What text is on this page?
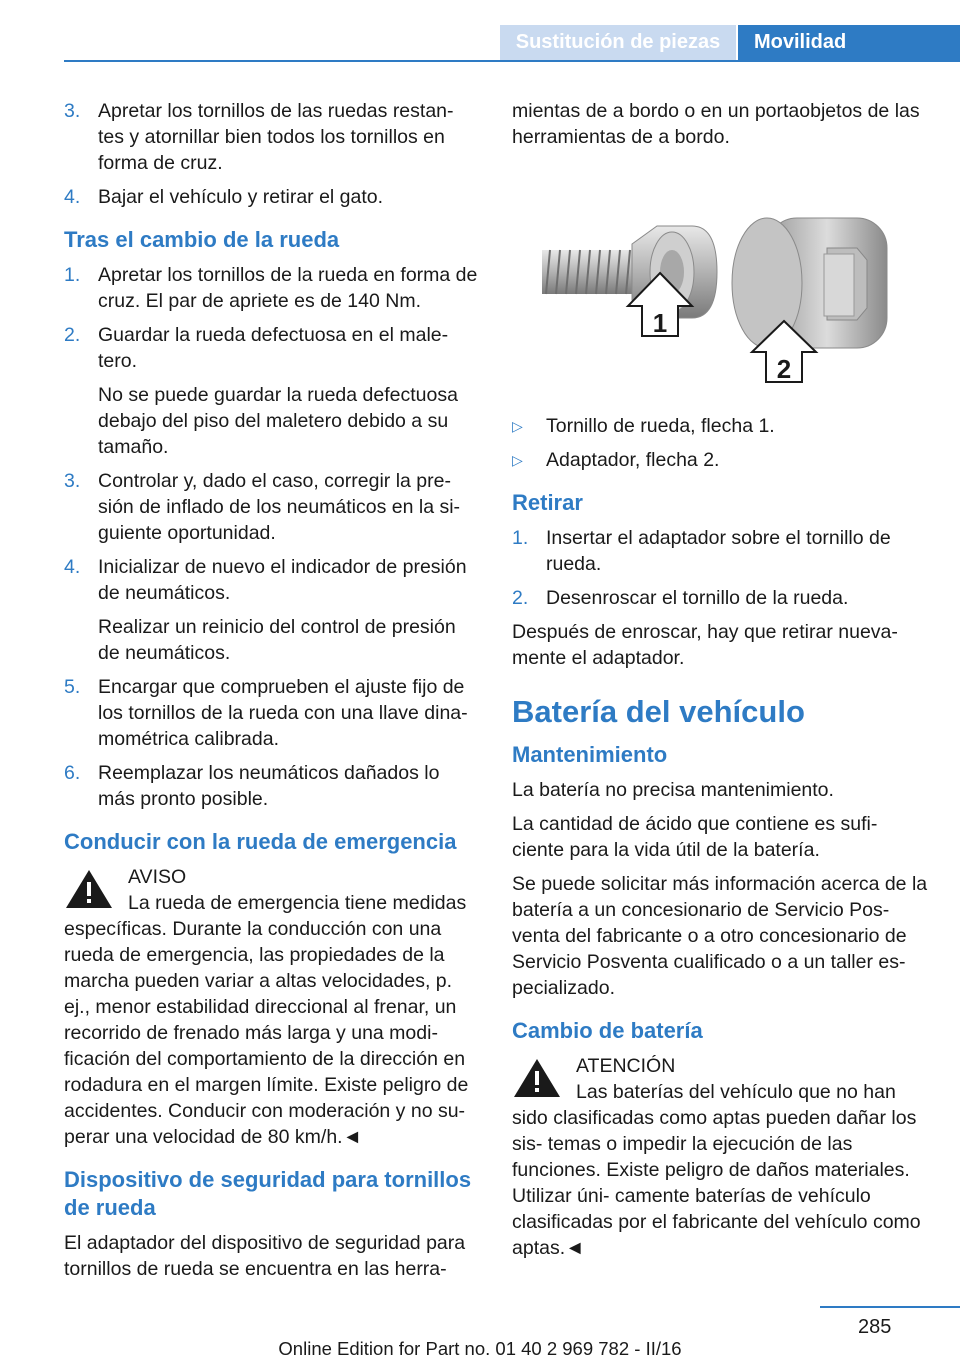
Sustitución de piezas	Movilidad
3. Apretar los tornillos de las ruedas restan‐ tes y atornillar bien todos los tornillos en forma de cruz.
4. Bajar el vehículo y retirar el gato.
Tras el cambio de la rueda
1. Apretar los tornillos de la rueda en forma de cruz. El par de apriete es de 140 Nm.
2. Guardar la rueda defectuosa en el male‐ tero.
No se puede guardar la rueda defectuosa debajo del piso del maletero debido a su tamaño.
3. Controlar y, dado el caso, corregir la pre‐ sión de inflado de los neumáticos en la si‐ guiente oportunidad.
4. Inicializar de nuevo el indicador de presión de neumáticos.
Realizar un reinicio del control de presión de neumáticos.
5. Encargar que comprueben el ajuste fijo de los tornillos de la rueda con una llave dina‐ mométrica calibrada.
6. Reemplazar los neumáticos dañados lo más pronto posible.
Conducir con la rueda de emergencia
AVISO
La rueda de emergencia tiene medidas específicas. Durante la conducción con una rueda de emergencia, las propiedades de la marcha pueden variar a altas velocidades, p. ej., menor estabilidad direccional al frenar, un recorrido de frenado más larga y una modi‐ ficación del comportamiento de la dirección en rodadura en el margen límite. Existe peligro de accidentes. Conducir con moderación y no su‐ perar una velocidad de 80 km/h.◄
Dispositivo de seguridad para tornillos de rueda
El adaptador del dispositivo de seguridad para tornillos de rueda se encuentra en las herra‐
mientas de a bordo o en un portaobjetos de las herramientas de a bordo.
1
2
▷	Tornillo de rueda, flecha 1.
▷	Adaptador, flecha 2.
Retirar
1. Insertar el adaptador sobre el tornillo de rueda.
2. Desenroscar el tornillo de la rueda.
Después de enroscar, hay que retirar nueva‐ mente el adaptador.
Batería del vehículo
Mantenimiento
La batería no precisa mantenimiento.
La cantidad de ácido que contiene es sufi‐ ciente para la vida útil de la batería.
Se puede solicitar más información acerca de la batería a un concesionario de Servicio Pos‐ venta del fabricante o a otro concesionario de Servicio Posventa cualificado o a un taller es‐ pecializado.
Cambio de batería
ATENCIÓN
Las baterías del vehículo que no han sido clasificadas como aptas pueden dañar los sis‐ temas o impedir la ejecución de las funciones. Existe peligro de daños materiales. Utilizar úni‐ camente baterías de vehículo clasificadas por el fabricante del vehículo como aptas.◄
285
Online Edition for Part no. 01 40 2 969 782 - II/16
